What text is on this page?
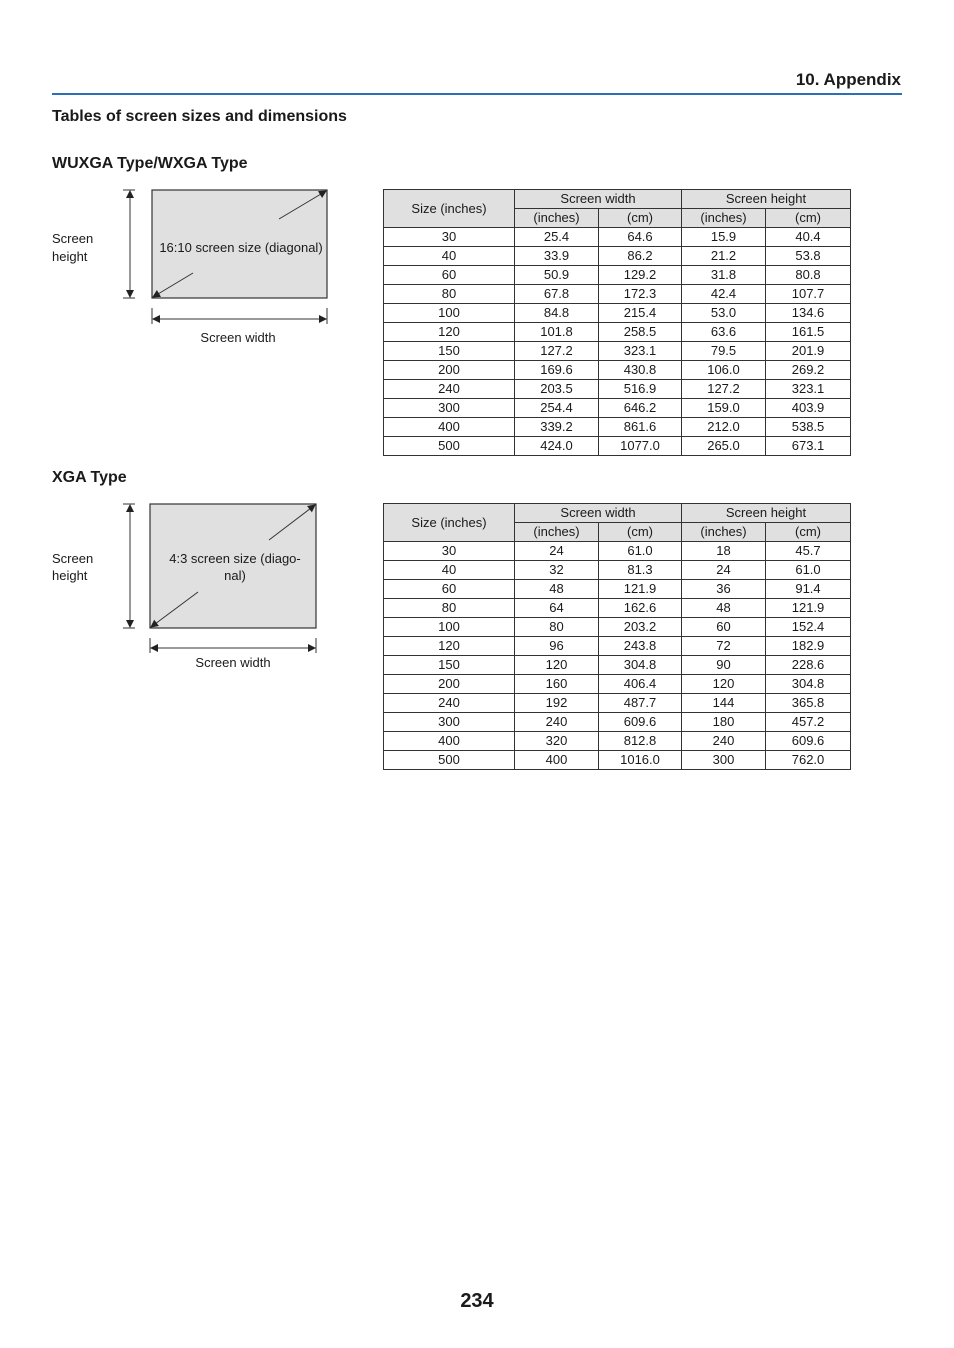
10. Appendix
Tables of screen sizes and dimensions
WUXGA Type/WXGA Type
16:10 screen size (diagonal)
Screen
height
Screen width
Size (inches)	Screen width		Screen height	
	(inches)	(cm)	(inches)	(cm)
30	25.4	64.6	15.9	40.4
40	33.9	86.2	21.2	53.8
60	50.9	129.2	31.8	80.8
80	67.8	172.3	42.4	107.7
100	84.8	215.4	53.0	134.6
120	101.8	258.5	63.6	161.5
150	127.2	323.1	79.5	201.9
200	169.6	430.8	106.0	269.2
240	203.5	516.9	127.2	323.1
300	254.4	646.2	159.0	403.9
400	339.2	861.6	212.0	538.5
500	424.0	1077.0	265.0	673.1
XGA Type
4:3 screen size (diago-
nal)
Screen
height
Screen width
Size (inches)	Screen width		Screen height	
	(inches)	(cm)	(inches)	(cm)
30	24	61.0	18	45.7
40	32	81.3	24	61.0
60	48	121.9	36	91.4
80	64	162.6	48	121.9
100	80	203.2	60	152.4
120	96	243.8	72	182.9
150	120	304.8	90	228.6
200	160	406.4	120	304.8
240	192	487.7	144	365.8
300	240	609.6	180	457.2
400	320	812.8	240	609.6
500	400	1016.0	300	762.0
234
